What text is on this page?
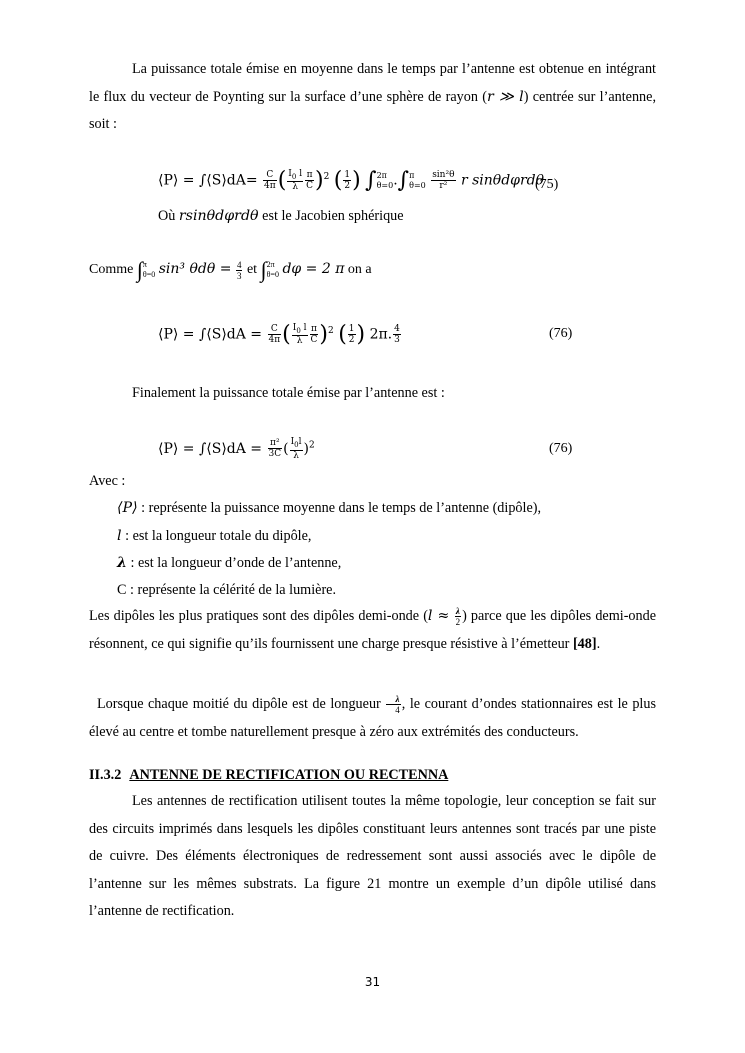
La puissance totale émise en moyenne dans le temps par l’antenne est obtenue en intégrant le flux du vecteur de Poynting sur la surface d’une sphère de rayon (r ≫ l) centrée sur l’antenne, soit :

⟨P⟩ = ∫⟨S⟩dA= $\frac{C}{4\pi}$ ( $\frac{I_0 l}{\lambda} \frac{\pi}{C} )^2$ ( $\frac{1}{2}$ ) ∫ 2π
θ=0 .∫ π
θ=0
$\frac{\text{sin²θ}}{\text{r²}}$ r sinθdφrdθ
(75)
Où rsinθdφrdθ est le Jacobien sphérique
Comme ∫ π
θ=0 sin³ $\theta d\theta = \frac{4}{3}$ et ∫ 2π
θ=0 dφ = 2 π on a
⟨P⟩ = ∫⟨S⟩dA = $\frac{C}{4\pi}$ ( $\frac{I_0 l}{\lambda} \frac{\pi}{C} )^2$ ( $\frac{1}{2}$ ) 2π. $\frac{4}{3}$	(76)
Finalement la puissance totale émise par l’antenne est :
⟨P⟩ = ∫⟨S⟩dA = $\frac{\text{π²}}{3C}$ ( $\frac{I_0l}{\lambda} )^2$	(76)
Avec :
⟨P⟩ : représente la puissance moyenne dans le temps de l’antenne (dipôle),
l : est la longueur totale du dipôle,
λ : est la longueur d’onde de l’antenne,
C : représente la célérité de la lumière.

Les dipôles les plus pratiques sont des dipôles demi-onde ($l \approx \frac{\lambda}{2}$ ) parce que les dipôles demi-onde résonnent, ce qui signifie qu’ils fournissent une charge presque résistive à l’émetteur [48].

Lorsque chaque moitié du dipôle est de longueur $\frac{\lambda}{4}$ , le courant d’ondes stationnaires est le plus élevé au centre et tombe naturellement presque à zéro aux extrémités des conducteurs.

II.3.2 ANTENNE DE RECTIFICATION OU RECTENNA

Les antennes de rectification utilisent toutes la même topologie, leur conception se fait sur des circuits imprimés dans lesquels les dipôles constituant leurs antennes sont tracés par une piste de cuivre. Des éléments électroniques de redressement sont aussi associés avec le dipôle de l’antenne sur les mêmes substrats. La figure 21 montre un exemple d’un dipôle utilisé dans l’antenne de rectification.

31
